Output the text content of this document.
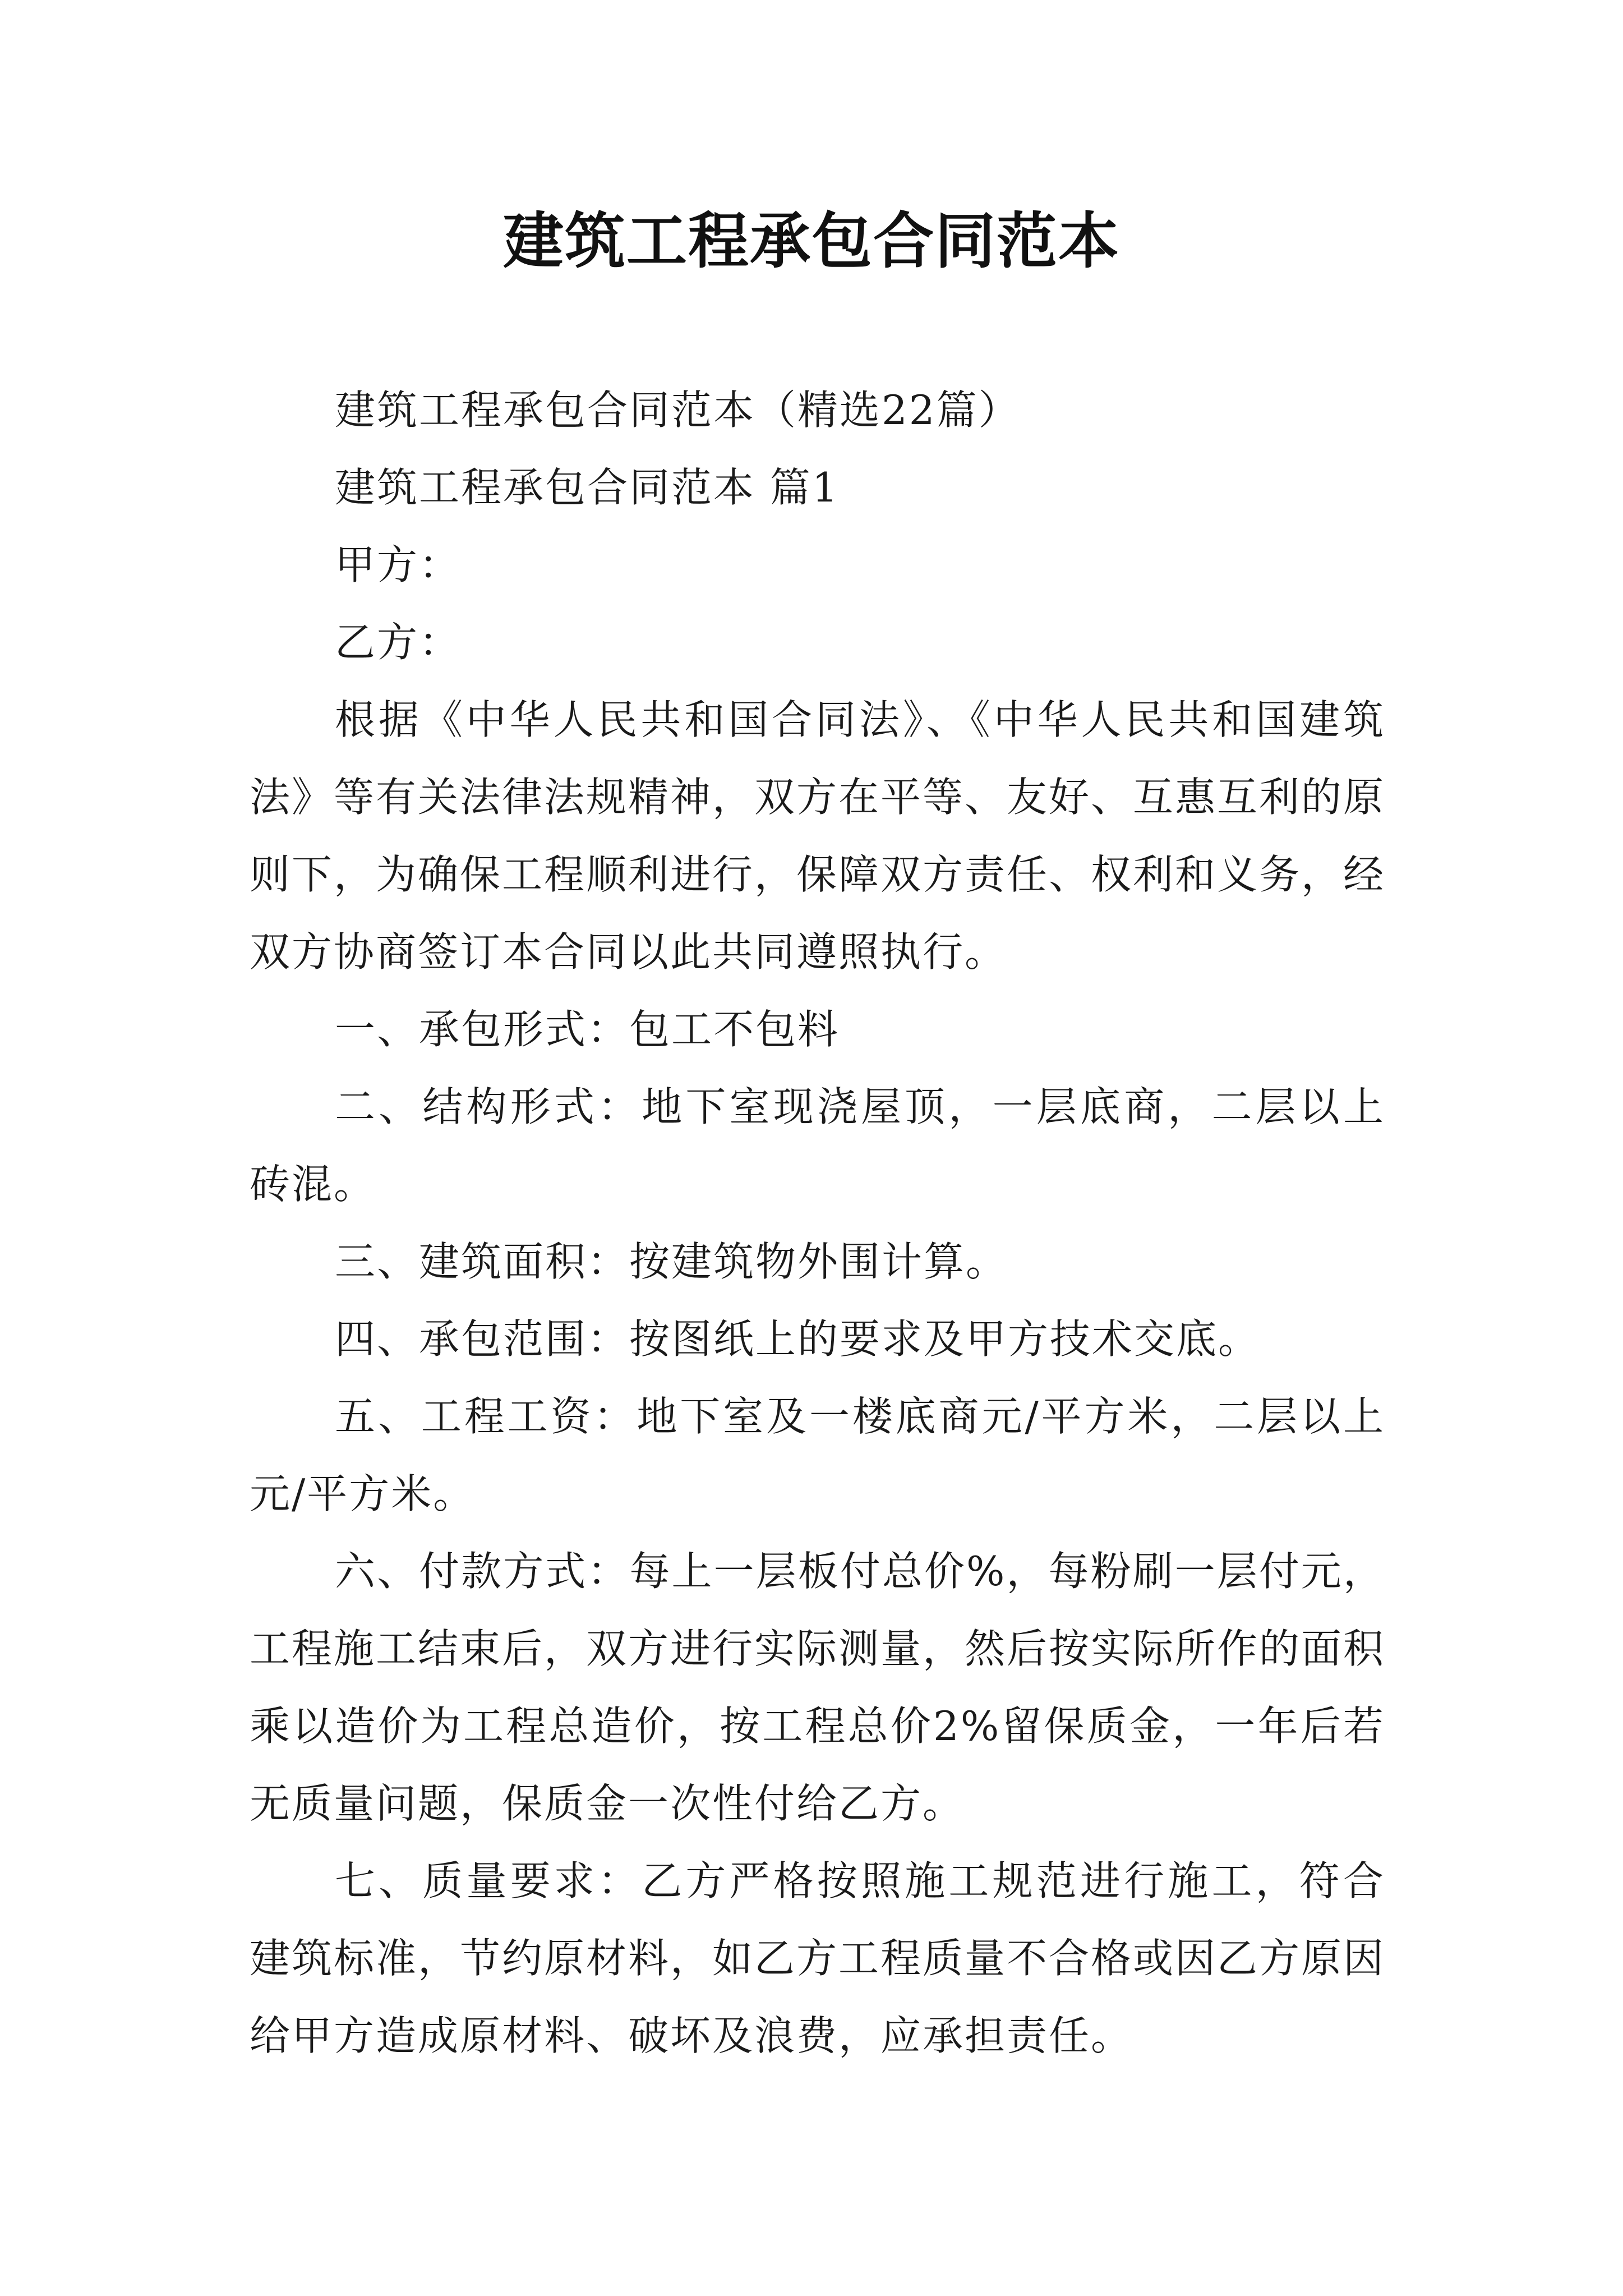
建筑工程承包合同范本

建筑工程承包合同范本（精选22篇）

建筑工程承包合同范本 篇1

甲方：

乙方：

根据《中华人民共和国合同法》、《中华人民共和国建筑法》等有关法律法规精神，双方在平等、友好、互惠互利的原则下，为确保工程顺利进行，保障双方责任、权利和义务，经双方协商签订本合同以此共同遵照执行。

一、承包形式：包工不包料

二、结构形式：地下室现浇屋顶，一层底商，二层以上砖混。

三、建筑面积：按建筑物外围计算。

四、承包范围：按图纸上的要求及甲方技术交底。

五、工程工资：地下室及一楼底商元/平方米，二层以上元/平方米。

六、付款方式：每上一层板付总价%，每粉刷一层付元，工程施工结束后，双方进行实际测量，然后按实际所作的面积乘以造价为工程总造价，按工程总价2%留保质金，一年后若无质量问题，保质金一次性付给乙方。

七、质量要求：乙方严格按照施工规范进行施工，符合建筑标准，节约原材料，如乙方工程质量不合格或因乙方原因给甲方造成原材料、破坏及浪费，应承担责任。
